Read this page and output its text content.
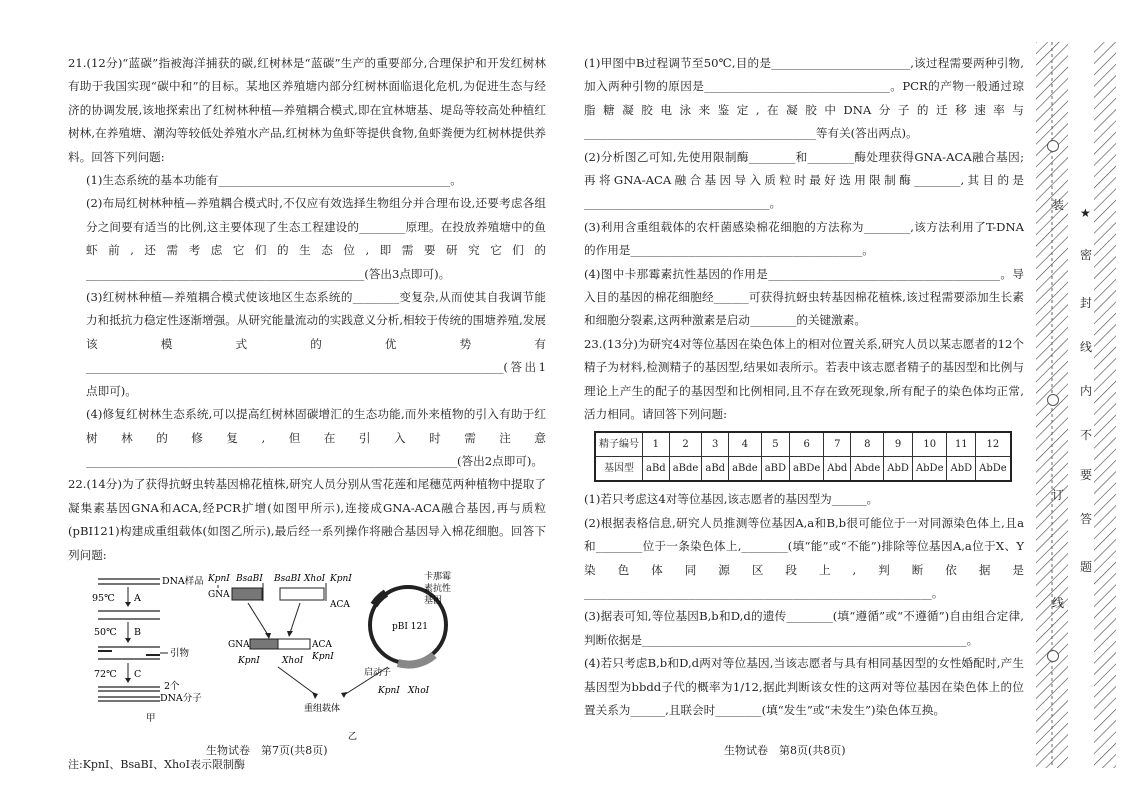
21.(12分)“蓝碳”指被海洋捕获的碳,红树林是“蓝碳”生产的重要部分,合理保护和开发红树林有助于我国实现“碳中和”的目标。某地区养殖塘内部分红树林面临退化危机,为促进生态与经济的协调发展,该地探索出了红树林种植—养殖耦合模式,即在宜林塘基、堤岛等较高处种植红树林,在养殖塘、潮沟等较低处养殖水产品,红树林为鱼虾等提供食物,鱼虾粪便为红树林提供养料。回答下列问题:

(1)生态系统的基本功能有________________________________________。

(2)布局红树林种植—养殖耦合模式时,不仅应有效选择生物组分并合理布设,还要考虑各组分之间要有适当的比例,这主要体现了生态工程建设的________原理。在投放养殖塘中的鱼虾前,还需考虑它们的生态位,即需要研究它们的________________________________________________(答出3点即可)。

(3)红树林种植—养殖耦合模式使该地区生态系统的________变复杂,从而使其自我调节能力和抵抗力稳定性逐渐增强。从研究能量流动的实践意义分析,相较于传统的围塘养殖,发展该模式的优势有________________________________________________________________________(答出1点即可)。

(4)修复红树林生态系统,可以提高红树林固碳增汇的生态功能,而外来植物的引入有助于红树林的修复,但在引入时需注意________________________________________________________________(答出2点即可)。

22.(14分)为了获得抗蚜虫转基因棉花植株,研究人员分别从雪花莲和尾穗苋两种植物中提取了凝集素基因GNA和ACA,经PCR扩增(如图甲所示),连接成GNA-ACA融合基因,再与质粒(pBI121)构建成重组载体(如图乙所示),最后经一系列操作将融合基因导入棉花细胞。回答下列问题:

DNA样品
95℃ A
50℃ B
引物
72℃ C
2个
DNA分子
甲
KpnⅠ BsaBⅠ BsaBⅠ XhoⅠ KpnⅠ
GNA
ACA
GNA	ACA
KpnⅠ XhoⅠ KpnⅠ
重组载体
乙
pBI 121
卡那霉
素抗性
基因
启动子
KpnⅠ XhoⅠ
注:KpnⅠ、BsaBⅠ、XhoⅠ表示限制酶
生物试卷　第7页(共8页)

(1)甲图中B过程调节至50℃,目的是________________________,该过程需要两种引物,加入两种引物的原因是________________________________。PCR的产物一般通过琼脂糖凝胶电泳来鉴定,在凝胶中DNA分子的迁移速率与________________________________________等有关(答出两点)。

(2)分析图乙可知,先使用限制酶________和________酶处理获得GNA-ACA融合基因;再将GNA-ACA融合基因导入质粒时最好选用限制酶________,其目的是________________________________。

(3)利用含重组载体的农杆菌感染棉花细胞的方法称为________,该方法利用了T-DNA的作用是________________________________________。

(4)图中卡那霉素抗性基因的作用是________________________________________。导入目的基因的棉花细胞经______可获得抗蚜虫转基因棉花植株,该过程需要添加生长素和细胞分裂素,这两种激素是启动________的关键激素。

23.(13分)为研究4对等位基因在染色体上的相对位置关系,研究人员以某志愿者的12个精子为材料,检测精子的基因型,结果如表所示。若表中该志愿者精子的基因型和比例与理论上产生的配子的基因型和比例相同,且不存在致死现象,所有配子的染色体均正常,活力相同。请回答下列问题:

精子编号	1	2	3	4	5	6	7	8	9	10	11	12
基因型	aBd	aBde	aBd	aBde	aBD	aBDe	Abd	Abde	AbD	AbDe	AbD	AbDe

(1)若只考虑这4对等位基因,该志愿者的基因型为______。

(2)根据表格信息,研究人员推测等位基因A,a和B,b很可能位于一对同源染色体上,且a和________位于一条染色体上,________(填“能”或“不能”)排除等位基因A,a位于X、Y染色体同源区段上,判断依据是____________________________________________________________。

(3)据表可知,等位基因B,b和D,d的遗传________(填“遵循”或“不遵循”)自由组合定律,判断依据是________________________________________________________。

(4)若只考虑B,b和D,d两对等位基因,当该志愿者与具有相同基因型的女性婚配时,产生基因型为bbdd子代的概率为1/12,据此判断该女性的这两对等位基因在染色体上的位置关系为______,且联会时________(填“发生”或“未发生”)染色体互换。

生物试卷　第8页(共8页)
装
订
线
★
密
封
线
内
不
要
答
题
